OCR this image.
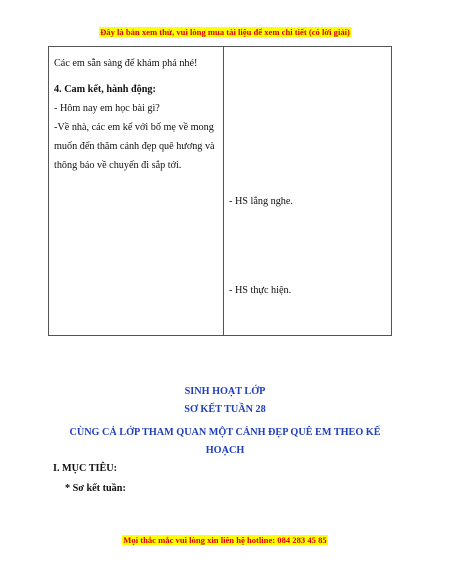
Đây là bản xem thử, vui lòng mua tài liệu để xem chi tiết (có lời giải)

Các em sẵn sàng để khám phá nhé!

4. Cam kết, hành động:

- Hôm nay em học bài gì?

-Về nhà, các em kể với bố mẹ về mong

muốn đến thăm cảnh đẹp quê hương và

thông báo về chuyến đi sắp tới.

- HS lắng nghe.
- HS thực hiện.
SINH HOẠT LỚP
SƠ KẾT TUẦN 28
CÙNG CẢ LỚP THAM QUAN MỘT CẢNH ĐẸP QUÊ EM THEO KẾ
HOẠCH
I. MỤC TIÊU:
* Sơ kết tuần:
Mọi thắc mắc vui lòng xin liên hệ hotline: 084 283 45 85
